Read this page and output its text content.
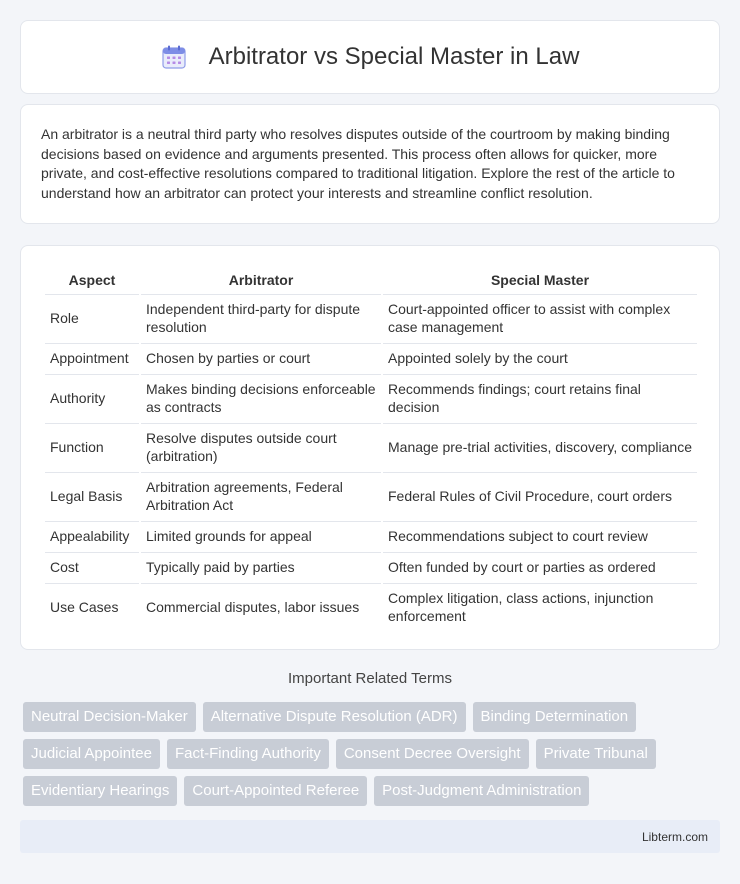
Arbitrator vs Special Master in Law

An arbitrator is a neutral third party who resolves disputes outside of the courtroom by making binding decisions based on evidence and arguments presented. This process often allows for quicker, more private, and cost-effective resolutions compared to traditional litigation. Explore the rest of the article to understand how an arbitrator can protect your interests and streamline conflict resolution.

Aspect	Arbitrator	Special Master
Role	Independent third-party for dispute resolution	Court-appointed officer to assist with complex case management
Appointment	Chosen by parties or court	Appointed solely by the court
Authority	Makes binding decisions enforceable as contracts	Recommends findings; court retains final decision
Function	Resolve disputes outside court (arbitration)	Manage pre-trial activities, discovery, compliance
Legal Basis	Arbitration agreements, Federal Arbitration Act	Federal Rules of Civil Procedure, court orders
Appealability	Limited grounds for appeal	Recommendations subject to court review
Cost	Typically paid by parties	Often funded by court or parties as ordered
Use Cases	Commercial disputes, labor issues	Complex litigation, class actions, injunction enforcement
Important Related Terms
Neutral Decision-Maker	Alternative Dispute Resolution (ADR)	Binding Determination
Judicial Appointee	Fact-Finding Authority	Consent Decree Oversight	Private Tribunal
Evidentiary Hearings	Court-Appointed Referee	Post-Judgment Administration
Libterm.com
